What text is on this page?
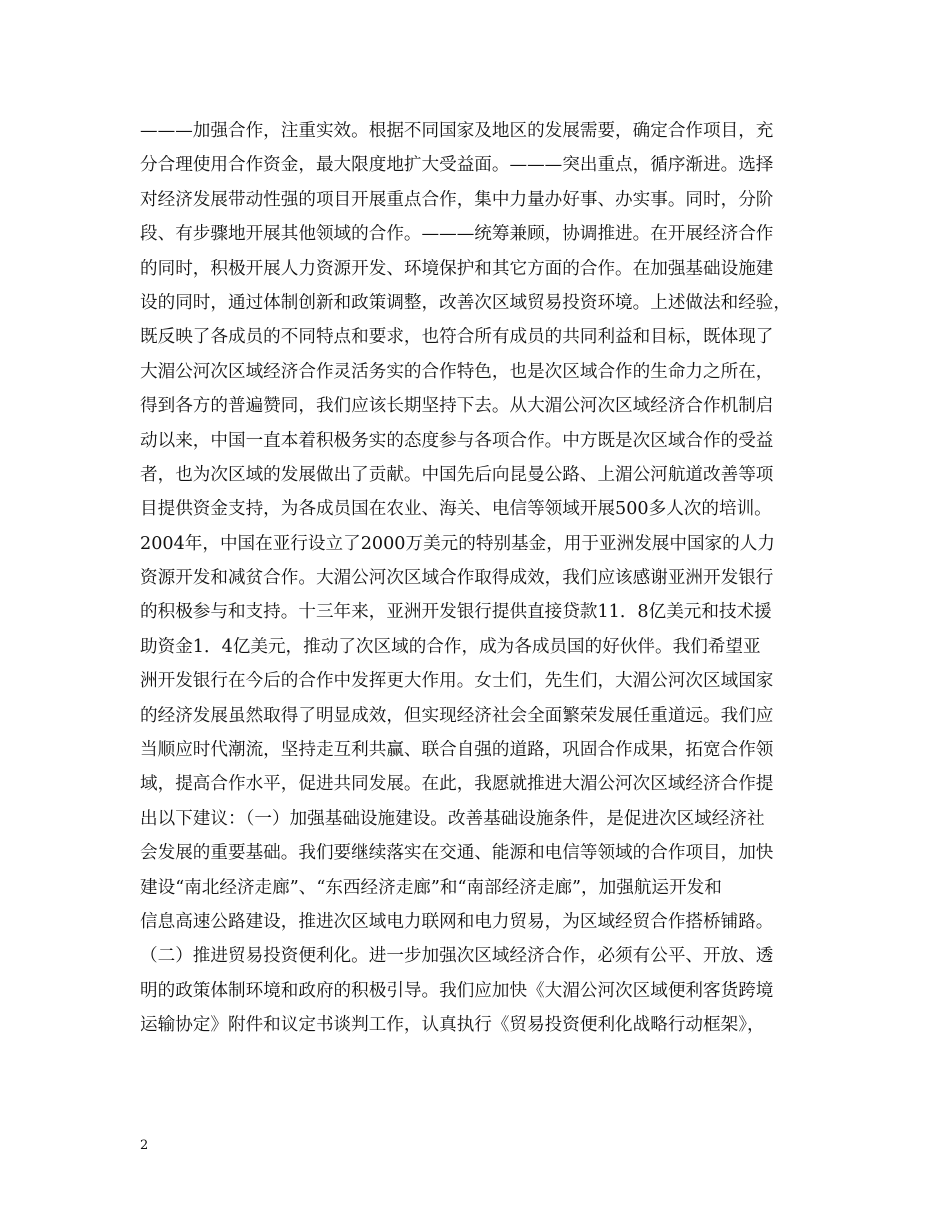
———加强合作，注重实效。根据不同国家及地区的发展需要，确定合作项目，充
分合理使用合作资金，最大限度地扩大受益面。———突出重点，循序渐进。选择
对经济发展带动性强的项目开展重点合作，集中力量办好事、办实事。同时，分阶
段、有步骤地开展其他领域的合作。———统筹兼顾，协调推进。在开展经济合作
的同时，积极开展人力资源开发、环境保护和其它方面的合作。在加强基础设施建
设的同时，通过体制创新和政策调整，改善次区域贸易投资环境。上述做法和经验，
既反映了各成员的不同特点和要求，也符合所有成员的共同利益和目标，既体现了
大湄公河次区域经济合作灵活务实的合作特色，也是次区域合作的生命力之所在，
得到各方的普遍赞同，我们应该长期坚持下去。从大湄公河次区域经济合作机制启
动以来，中国一直本着积极务实的态度参与各项合作。中方既是次区域合作的受益
者，也为次区域的发展做出了贡献。中国先后向昆曼公路、上湄公河航道改善等项
目提供资金支持，为各成员国在农业、海关、电信等领域开展500多人次的培训。
2004年，中国在亚行设立了2000万美元的特别基金，用于亚洲发展中国家的人力
资源开发和减贫合作。大湄公河次区域合作取得成效，我们应该感谢亚洲开发银行
的积极参与和支持。十三年来，亚洲开发银行提供直接贷款11．8亿美元和技术援
助资金1．4亿美元，推动了次区域的合作，成为各成员国的好伙伴。我们希望亚
洲开发银行在今后的合作中发挥更大作用。女士们，先生们，大湄公河次区域国家
的经济发展虽然取得了明显成效，但实现经济社会全面繁荣发展任重道远。我们应
当顺应时代潮流，坚持走互利共赢、联合自强的道路，巩固合作成果，拓宽合作领
域，提高合作水平，促进共同发展。在此，我愿就推进大湄公河次区域经济合作提
出以下建议：（一）加强基础设施建设。改善基础设施条件，是促进次区域经济社
会发展的重要基础。我们要继续落实在交通、能源和电信等领域的合作项目，加快
建设“南北经济走廊”、“东西经济走廊”和“南部经济走廊”，加强航运开发和
信息高速公路建设，推进次区域电力联网和电力贸易，为区域经贸合作搭桥铺路。
（二）推进贸易投资便利化。进一步加强次区域经济合作，必须有公平、开放、透
明的政策体制环境和政府的积极引导。我们应加快《大湄公河次区域便利客货跨境
运输协定》附件和议定书谈判工作，认真执行《贸易投资便利化战略行动框架》，
2
